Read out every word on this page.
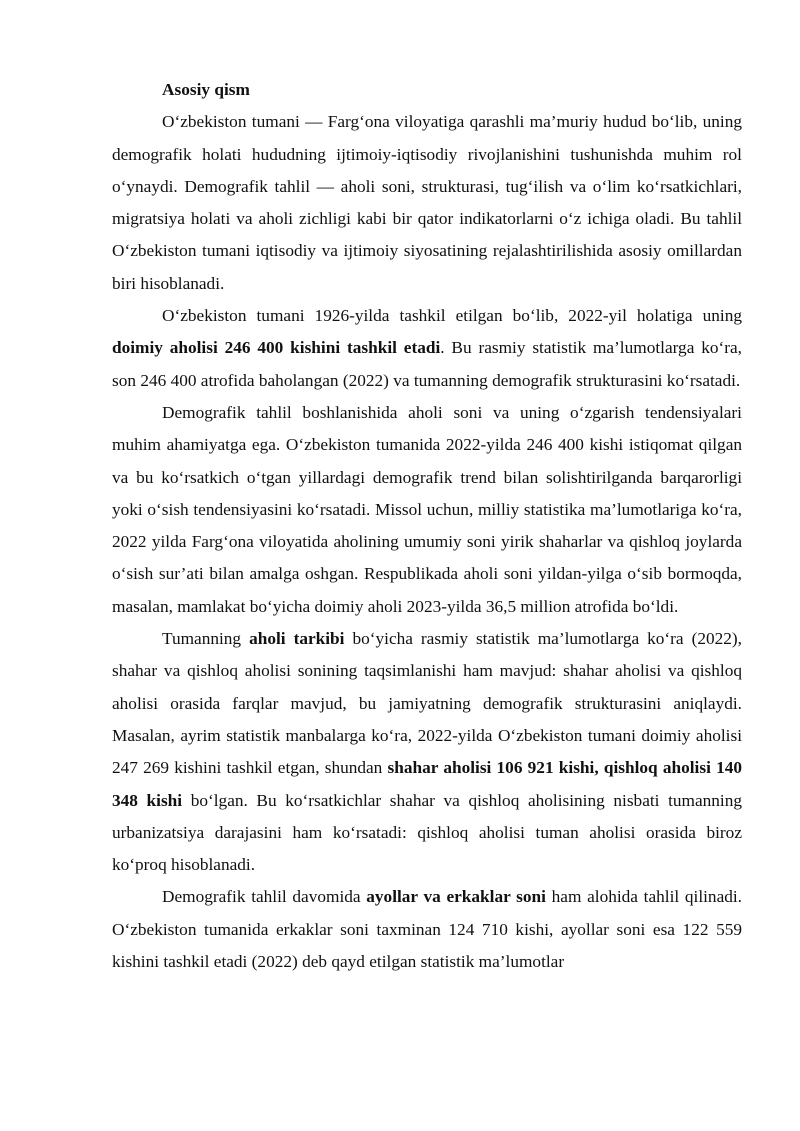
Asosiy qism

O‘zbekiston tumani — Farg‘ona viloyatiga qarashli ma’muriy hudud bo‘lib, uning demografik holati hududning ijtimoiy-iqtisodiy rivojlanishini tushunishda muhim rol o‘ynaydi. Demografik tahlil — aholi soni, strukturasi, tug‘ilish va o‘lim ko‘rsatkichlari, migratsiya holati va aholi zichligi kabi bir qator indikatorlarni o‘z ichiga oladi. Bu tahlil O‘zbekiston tumani iqtisodiy va ijtimoiy siyosatining rejalashtirilishida asosiy omillardan biri hisoblanadi.

O‘zbekiston tumani 1926-yilda tashkil etilgan bo‘lib, 2022-yil holatiga uning doimiy aholisi 246 400 kishini tashkil etadi. Bu rasmiy statistik ma’lumotlarga ko‘ra, son 246 400 atrofida baholangan (2022) va tumanning demografik strukturasini ko‘rsatadi.

Demografik tahlil boshlanishida aholi soni va uning o‘zgarish tendensiyalari muhim ahamiyatga ega. O‘zbekiston tumanida 2022-yilda 246 400 kishi istiqomat qilgan va bu ko‘rsatkich o‘tgan yillardagi demografik trend bilan solishtirilganda barqarorligi yoki o‘sish tendensiyasini ko‘rsatadi. Missol uchun, milliy statistika ma’lumotlariga ko‘ra, 2022 yilda Farg‘ona viloyatida aholining umumiy soni yirik shaharlar va qishloq joylarda o‘sish sur’ati bilan amalga oshgan. Respublikada aholi soni yildan-yilga o‘sib bormoqda, masalan, mamlakat bo‘yicha doimiy aholi 2023-yilda 36,5 million atrofida bo‘ldi.

Tumanning aholi tarkibi bo‘yicha rasmiy statistik ma’lumotlarga ko‘ra (2022), shahar va qishloq aholisi sonining taqsimlanishi ham mavjud: shahar aholisi va qishloq aholisi orasida farqlar mavjud, bu jamiyatning demografik strukturasini aniqlaydi. Masalan, ayrim statistik manbalarga ko‘ra, 2022-yilda O‘zbekiston tumani doimiy aholisi 247 269 kishini tashkil etgan, shundan shahar aholisi 106 921 kishi, qishloq aholisi 140 348 kishi bo‘lgan. Bu ko‘rsatkichlar shahar va qishloq aholisining nisbati tumanning urbanizatsiya darajasini ham ko‘rsatadi: qishloq aholisi tuman aholisi orasida biroz ko‘proq hisoblanadi.

Demografik tahlil davomida ayollar va erkaklar soni ham alohida tahlil qilinadi. O‘zbekiston tumanida erkaklar soni taxminan 124 710 kishi, ayollar soni esa 122 559 kishini tashkil etadi (2022) deb qayd etilgan statistik ma’lumotlar
